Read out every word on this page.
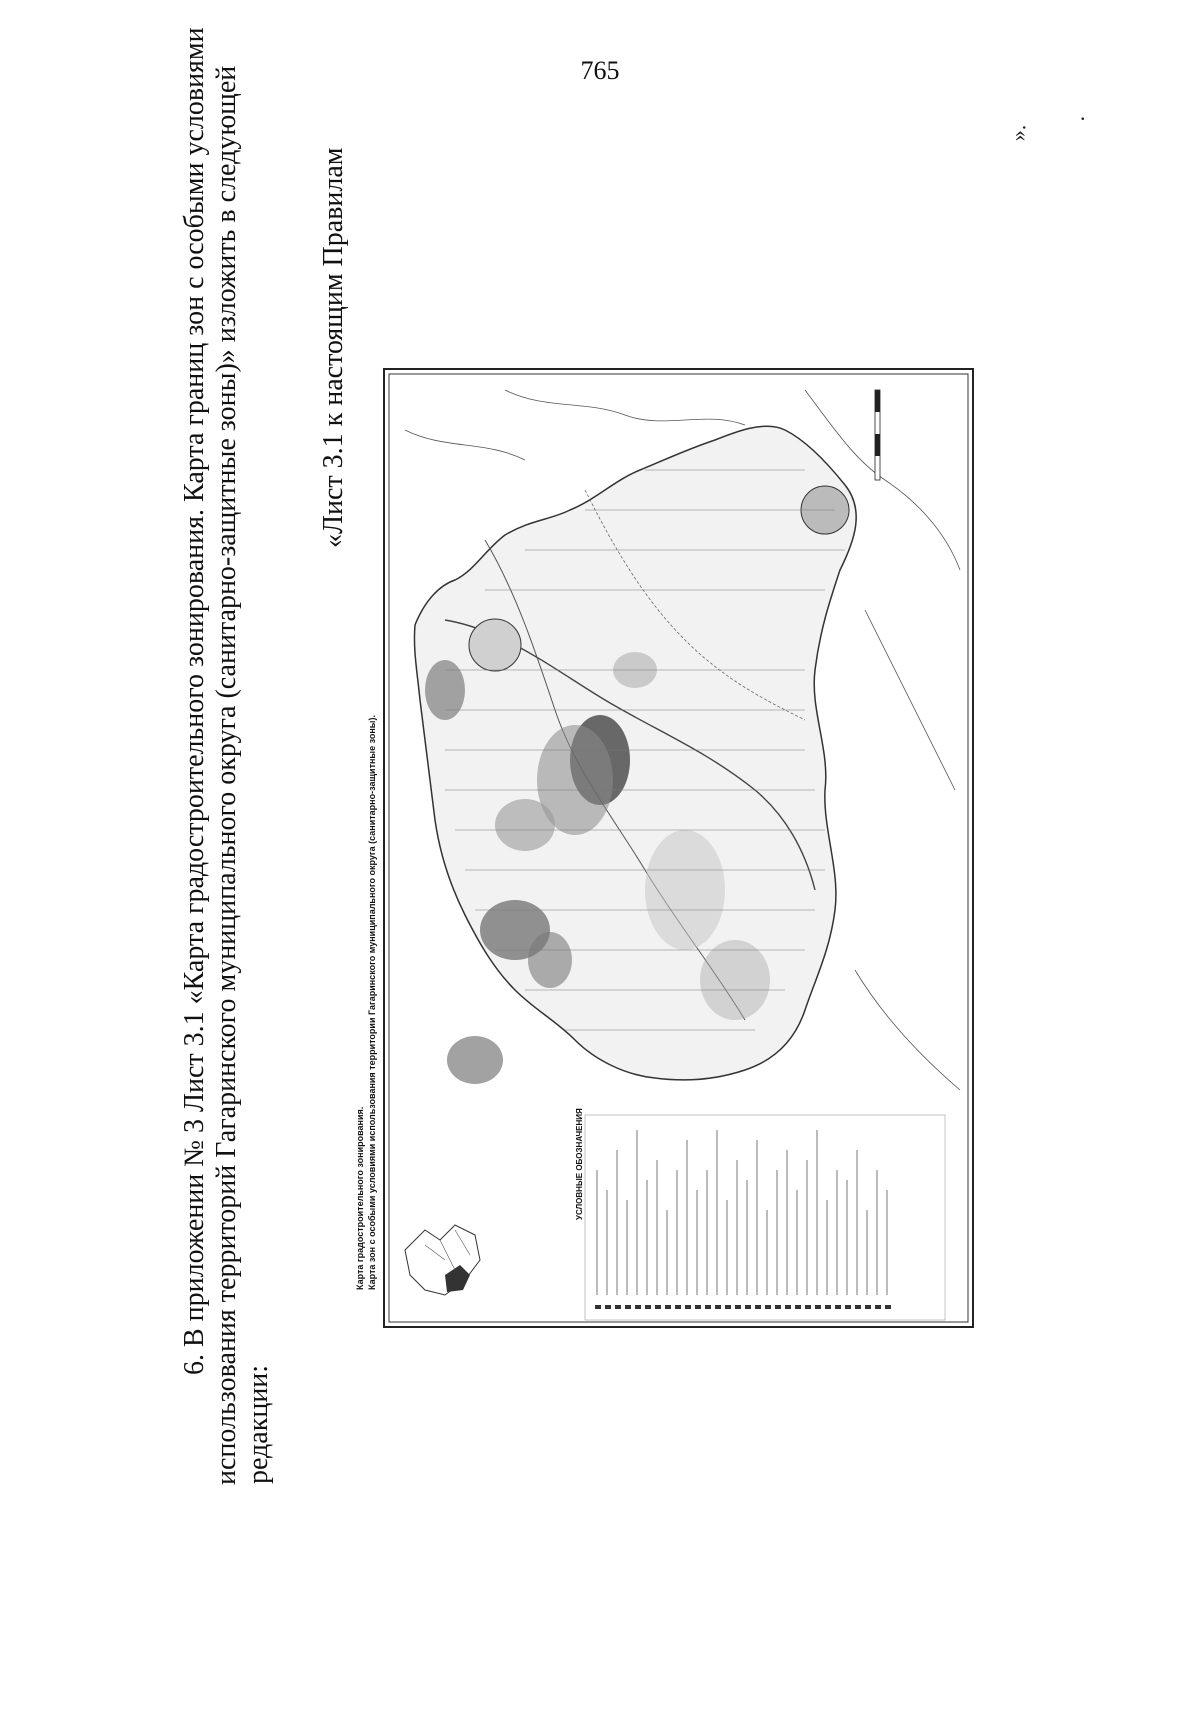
765
6. В приложении № 3 Лист 3.1 «Карта градостроительного зонирования. Карта границ зон с особыми условиями использования территорий Гагаринского муниципального округа (санитарно-защитные зоны)» изложить в следующей редакции:
«Лист 3.1 к настоящим Правилам
».
.
Карта градостроительного зонирования. Карта зон с особыми условиями использования территории Гагаринского муниципального округа (санитарно-защитные зоны).	УСЛОВНЫЕ ОБОЗНАЧЕНИЯ
